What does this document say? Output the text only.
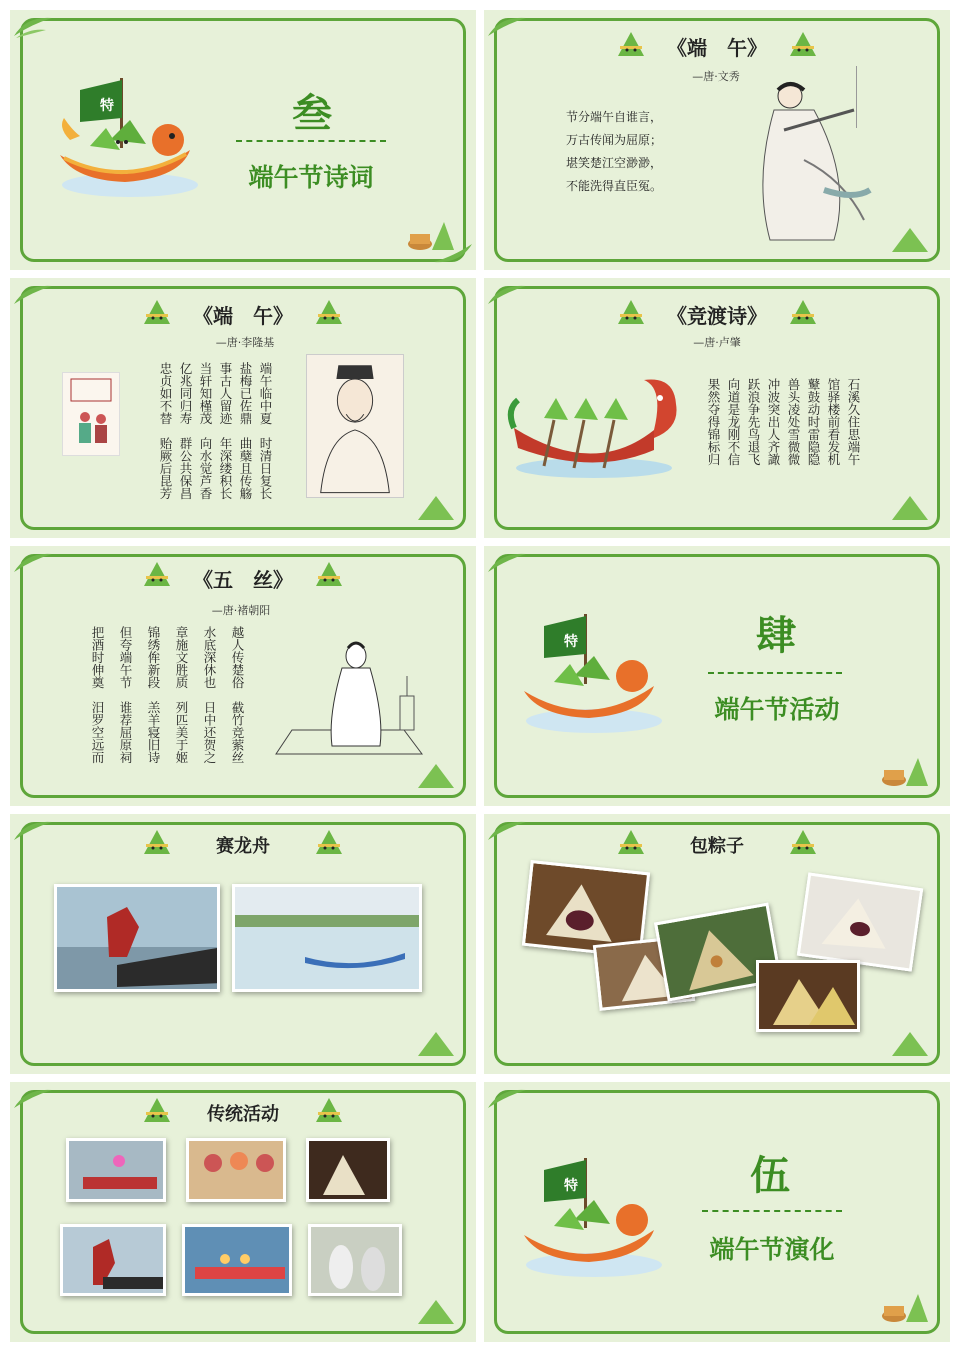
特	叁
端午节诗词
《端　午》
—唐·文秀
节分端午自谁言，
万古传闻为屈原；
堪笑楚江空渺渺，
不能洗得直臣冤。
《端　午》
—唐·李隆基
端午临中夏　时清日复长
盐梅已佐鼎　曲蘖且传觞
事古人留迹　年深缕积长
当轩知槿茂　向水觉芦香
亿兆同归寿　群公共保昌
忠贞如不替　贻厥后昆芳
《竞渡诗》
—唐·卢肇
石溪久住思端午
馆驿楼前看发机
鼙鼓动时雷隐隐
兽头凌处雪微微
冲波突出人齐譀
跃浪争先鸟退飞
向道是龙刚不信
果然夺得锦标归
《五　丝》
—唐·褚朝阳
越人传楚俗　截竹竞萦丝
水底深休也　日中还贺之
章施文胜质　列匹美于姬
锦绣侔新段　羔羊寝旧诗
但夸端午节　谁荐屈原祠
把酒时伸奠　汨罗空远而	特	肆
端午节活动
赛龙舟	包粽子
传统活动
特	伍
端午节演化
